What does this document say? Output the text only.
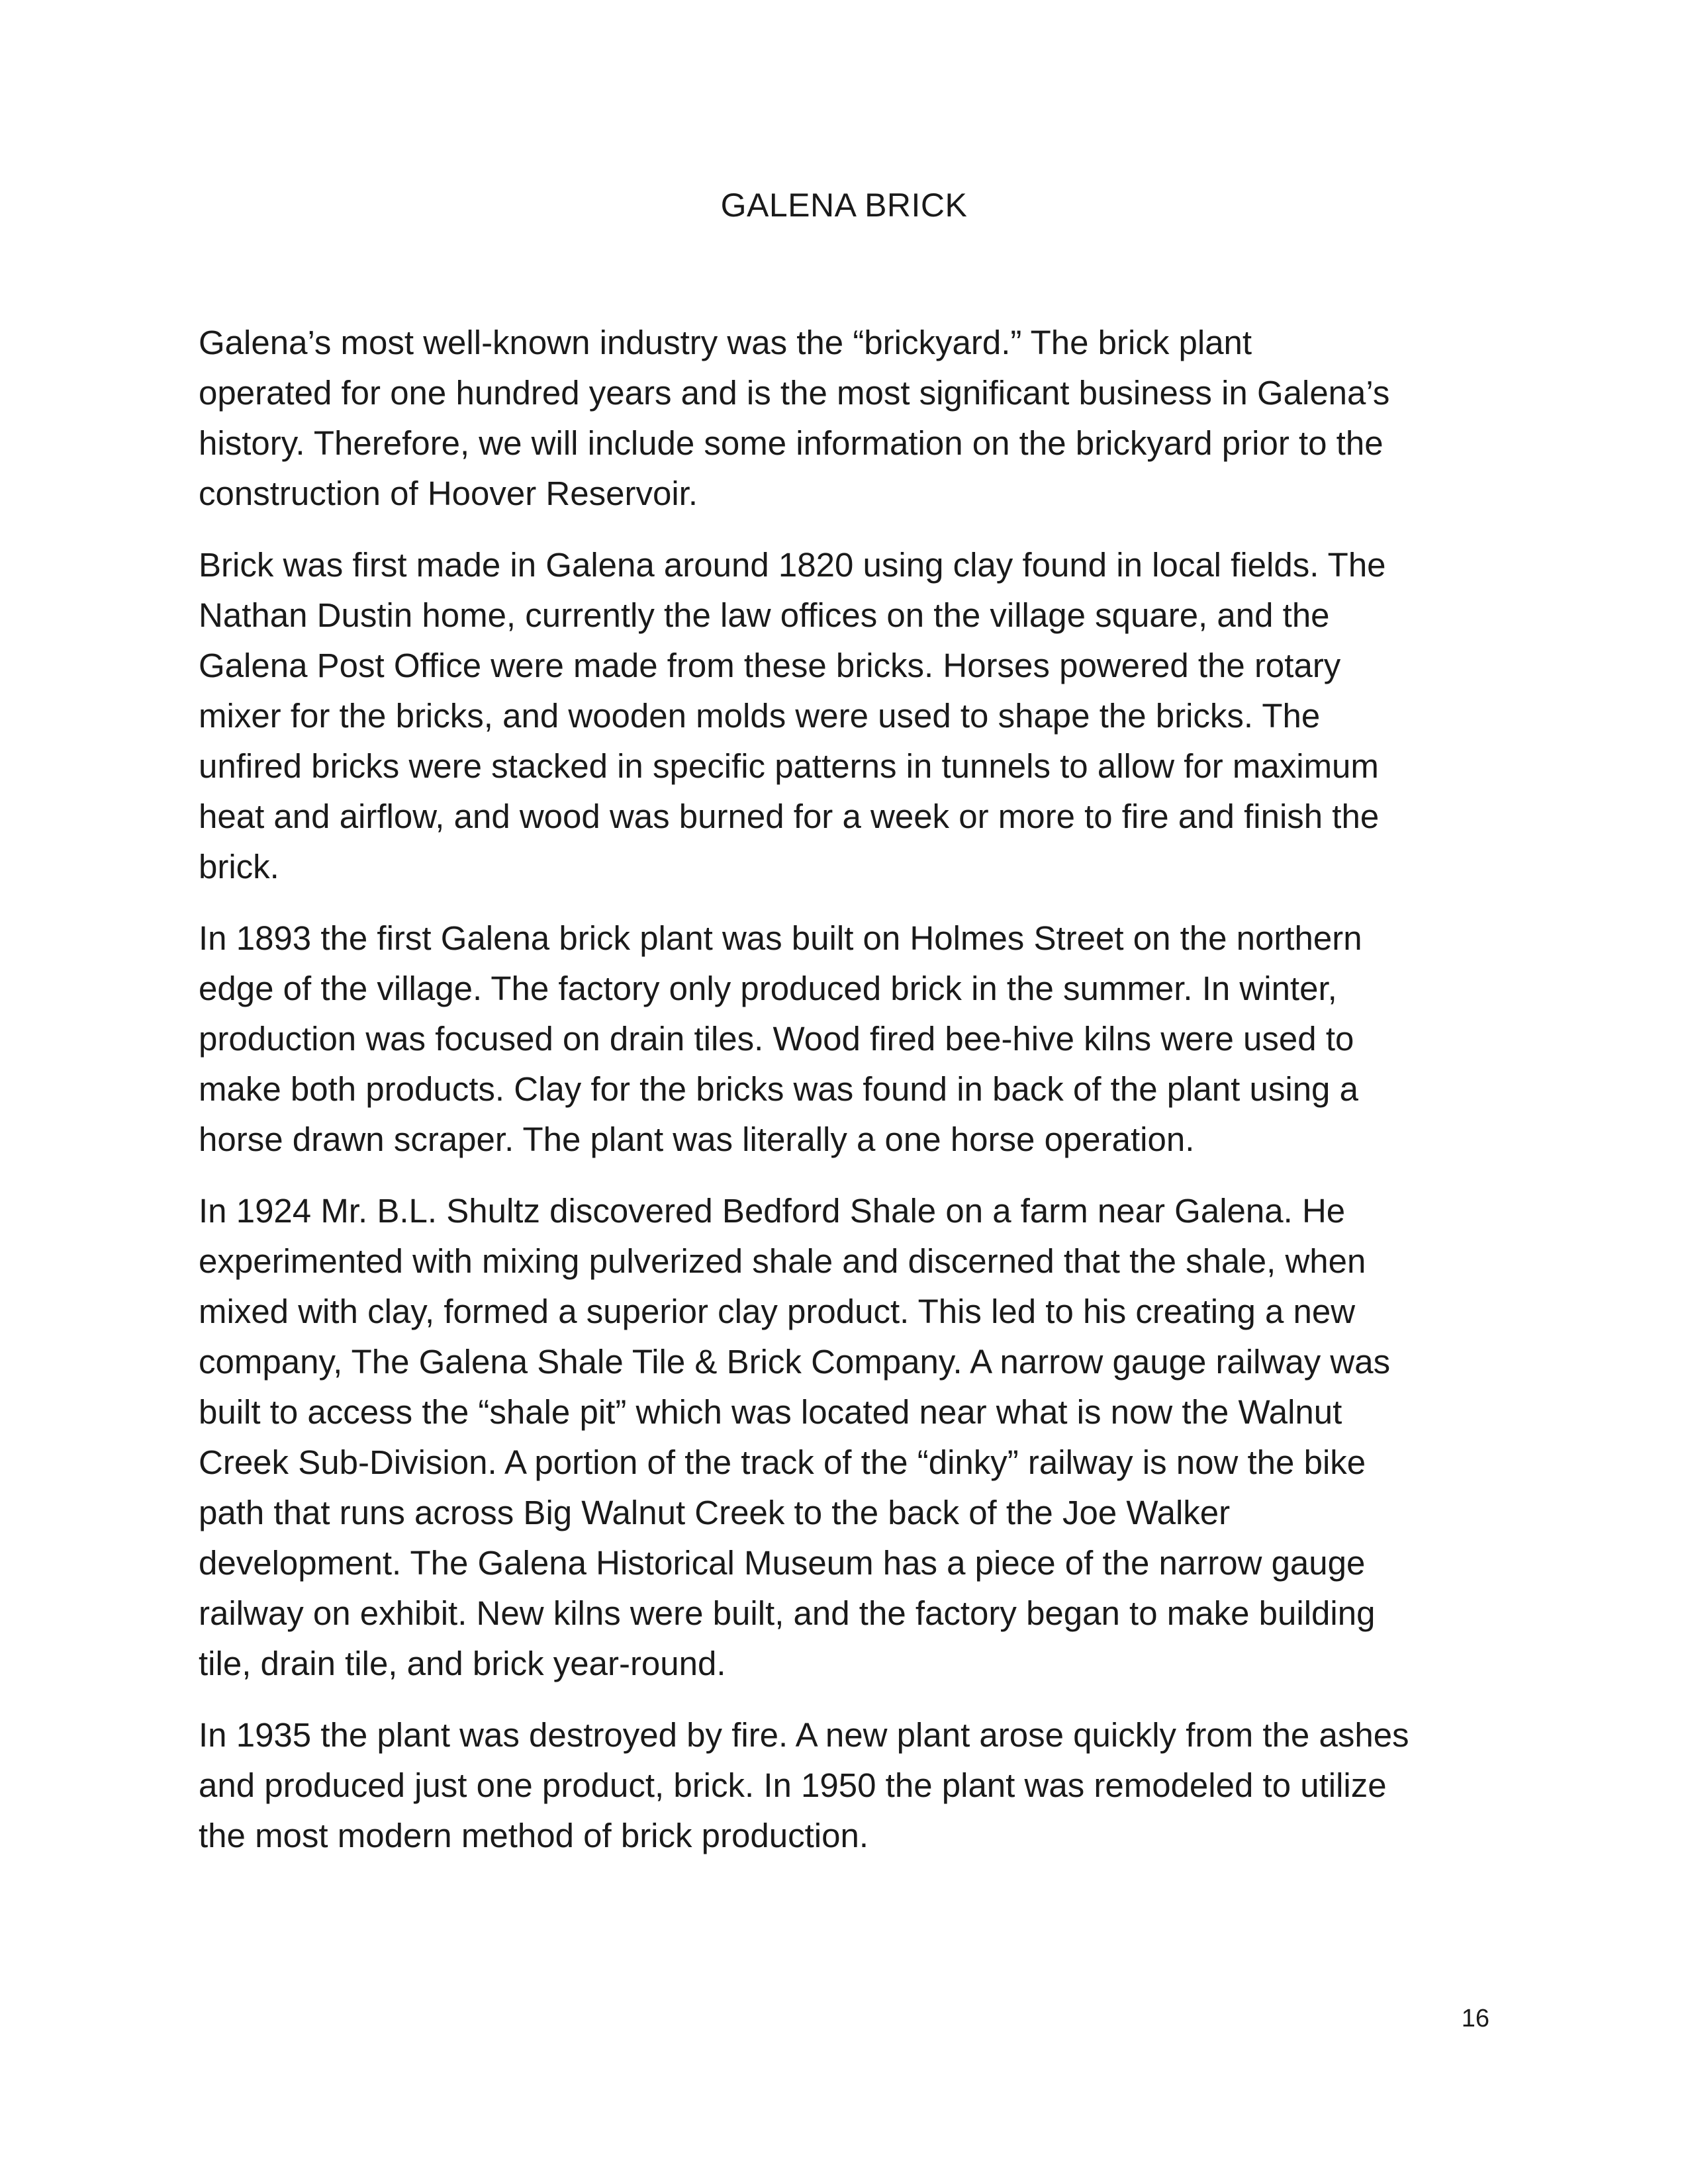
GALENA BRICK

Galena’s most well-known industry was the “brickyard.” The brick plant
operated for one hundred years and is the most significant business in Galena’s
history. Therefore, we will include some information on the brickyard prior to the
construction of Hoover Reservoir.

Brick was first made in Galena around 1820 using clay found in local fields. The
Nathan Dustin home, currently the law offices on the village square, and the
Galena Post Office were made from these bricks. Horses powered the rotary
mixer for the bricks, and wooden molds were used to shape the bricks. The
unfired bricks were stacked in specific patterns in tunnels to allow for maximum
heat and airflow, and wood was burned for a week or more to fire and finish the
brick.

In 1893 the first Galena brick plant was built on Holmes Street on the northern
edge of the village. The factory only produced brick in the summer. In winter,
production was focused on drain tiles. Wood fired bee-hive kilns were used to
make both products. Clay for the bricks was found in back of the plant using a
horse drawn scraper. The plant was literally a one horse operation.

In 1924 Mr. B.L. Shultz discovered Bedford Shale on a farm near Galena. He
experimented with mixing pulverized shale and discerned that the shale, when
mixed with clay, formed a superior clay product. This led to his creating a new
company, The Galena Shale Tile & Brick Company. A narrow gauge railway was
built to access the “shale pit” which was located near what is now the Walnut
Creek Sub-Division. A portion of the track of the “dinky” railway is now the bike
path that runs across Big Walnut Creek to the back of the Joe Walker
development. The Galena Historical Museum has a piece of the narrow gauge
railway on exhibit. New kilns were built, and the factory began to make building
tile, drain tile, and brick year-round.

In 1935 the plant was destroyed by fire. A new plant arose quickly from the ashes
and produced just one product, brick. In 1950 the plant was remodeled to utilize
the most modern method of brick production.

16
